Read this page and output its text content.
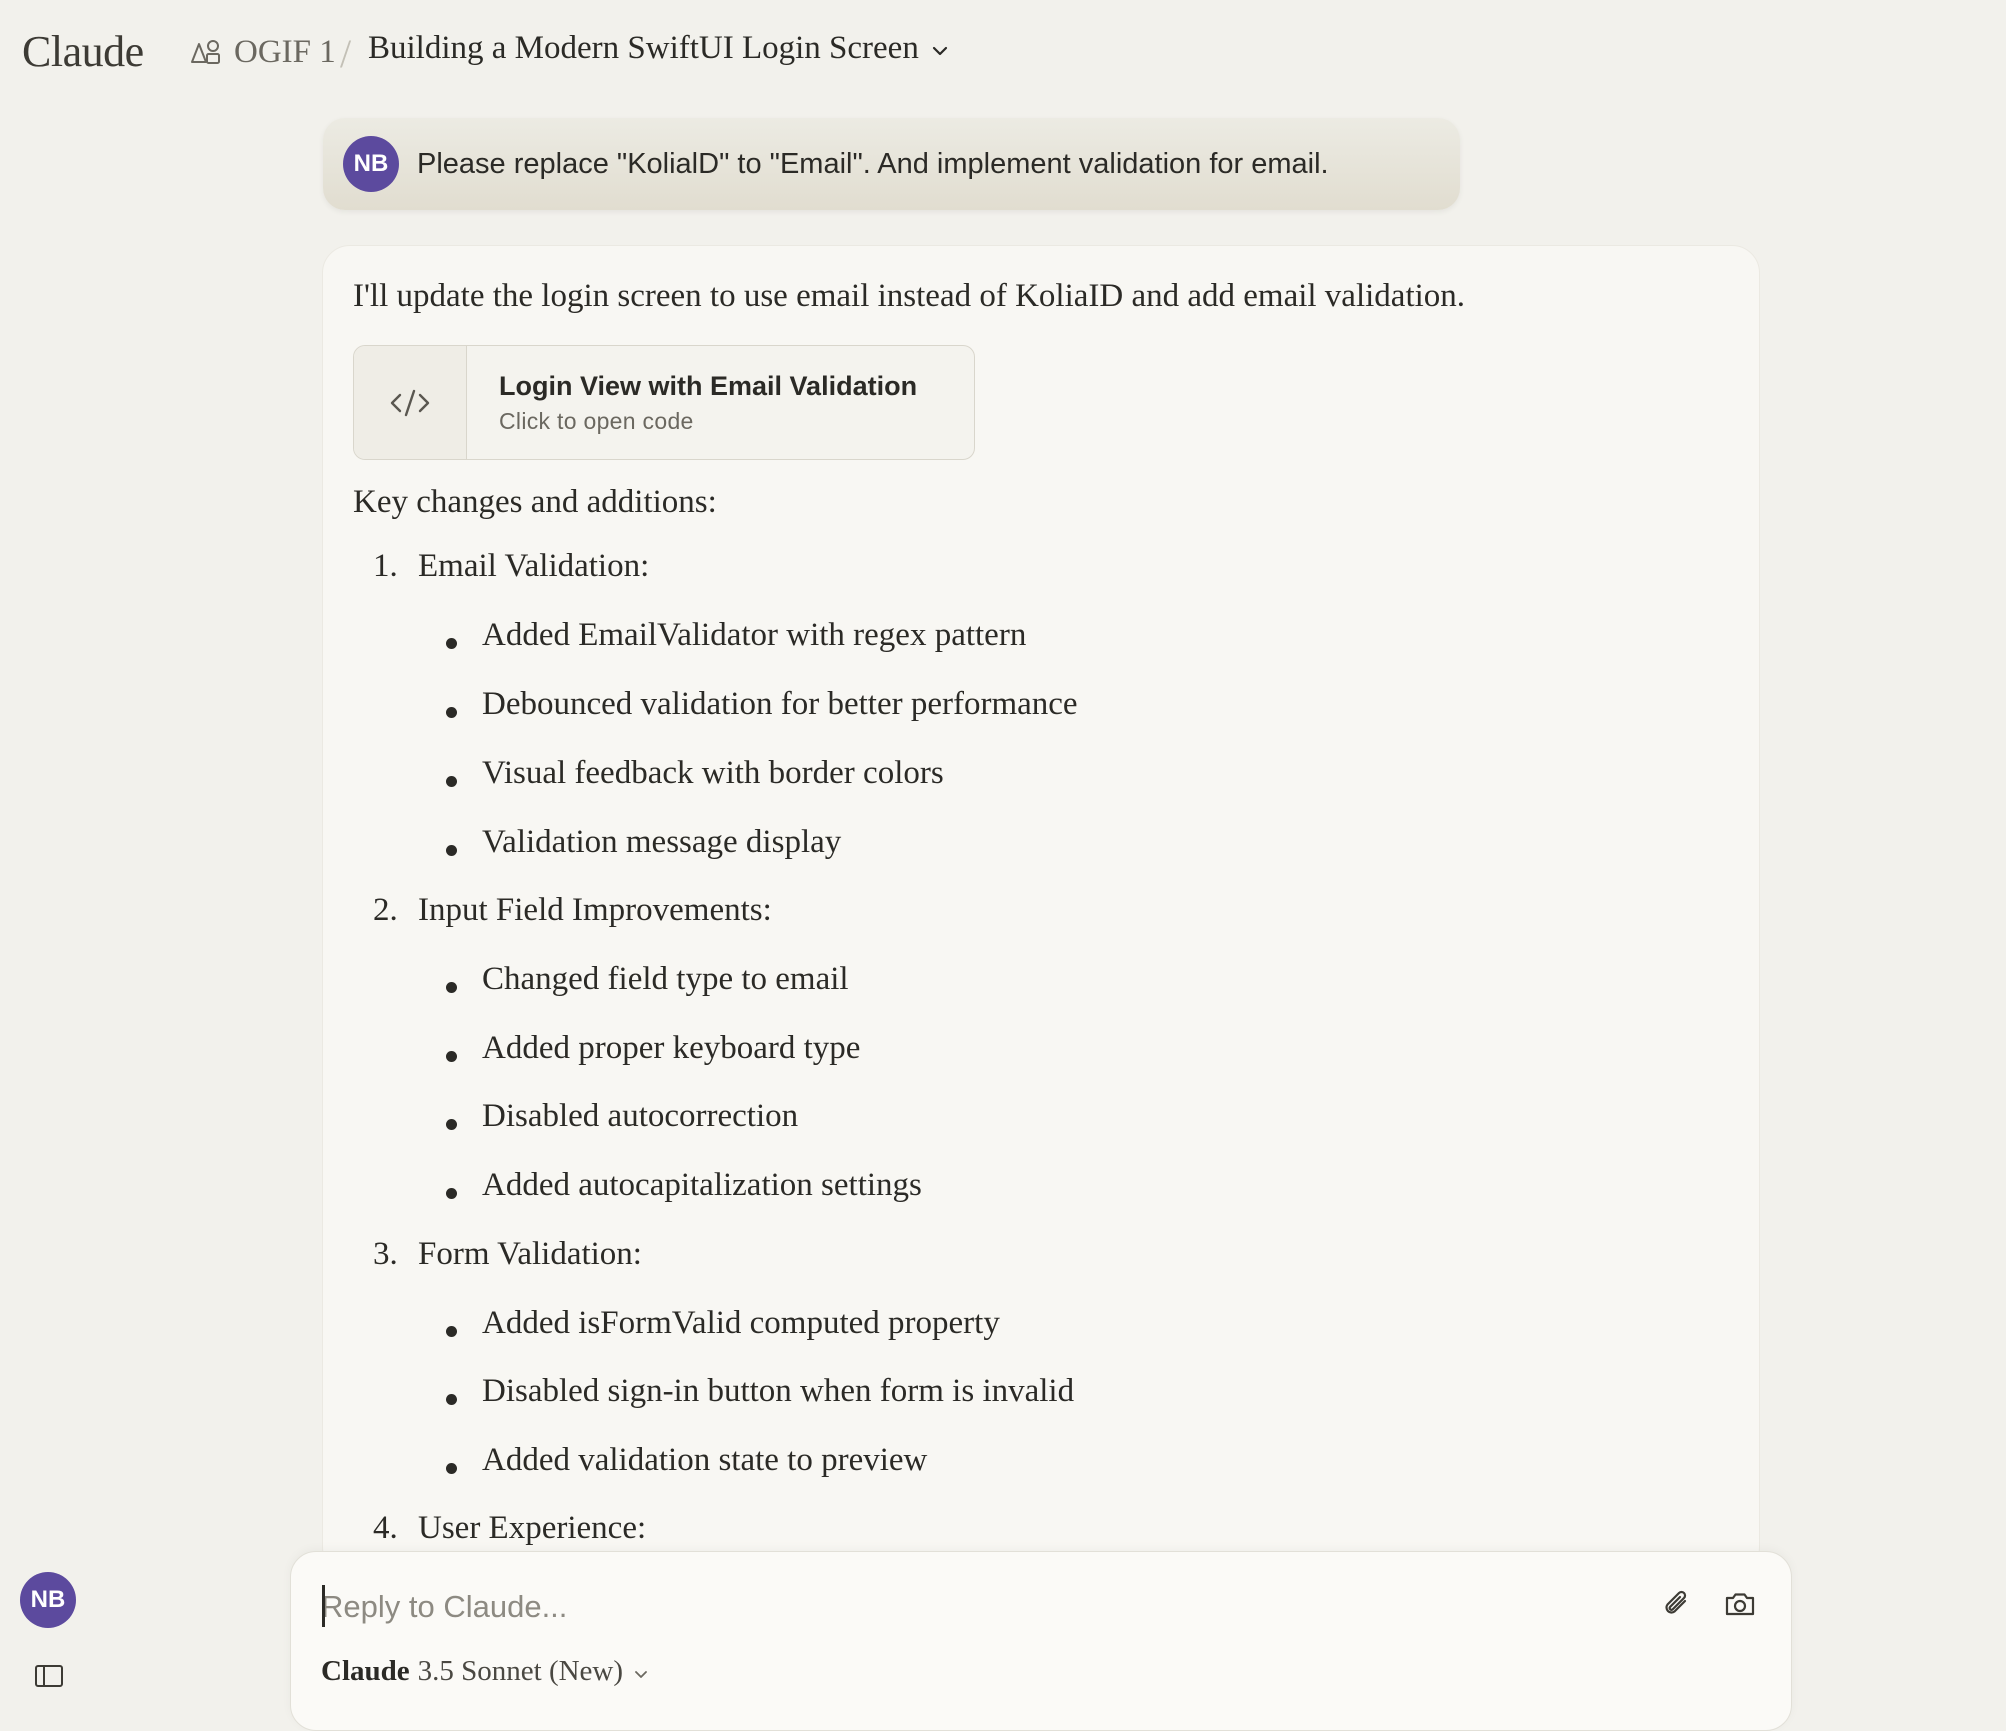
Claude	OGIF 1 / Building a Modern SwiftUI Login Screen
NB Please replace "KolialD" to "Email". And implement validation for email.
I'll update the login screen to use email instead of KoliaID and add email validation.
Login View with Email Validation
Click to open code
Key changes and additions:
1. Email Validation:
Added EmailValidator with regex pattern
Debounced validation for better performance
Visual feedback with border colors
Validation message display
2. Input Field Improvements:
Changed field type to email
Added proper keyboard type
Disabled autocorrection
Added autocapitalization settings
3. Form Validation:
Added isFormValid computed property
Disabled sign-in button when form is invalid
Added validation state to preview
4. User Experience:
Reply to Claude...
Claude 3.5 Sonnet (New)
NB
